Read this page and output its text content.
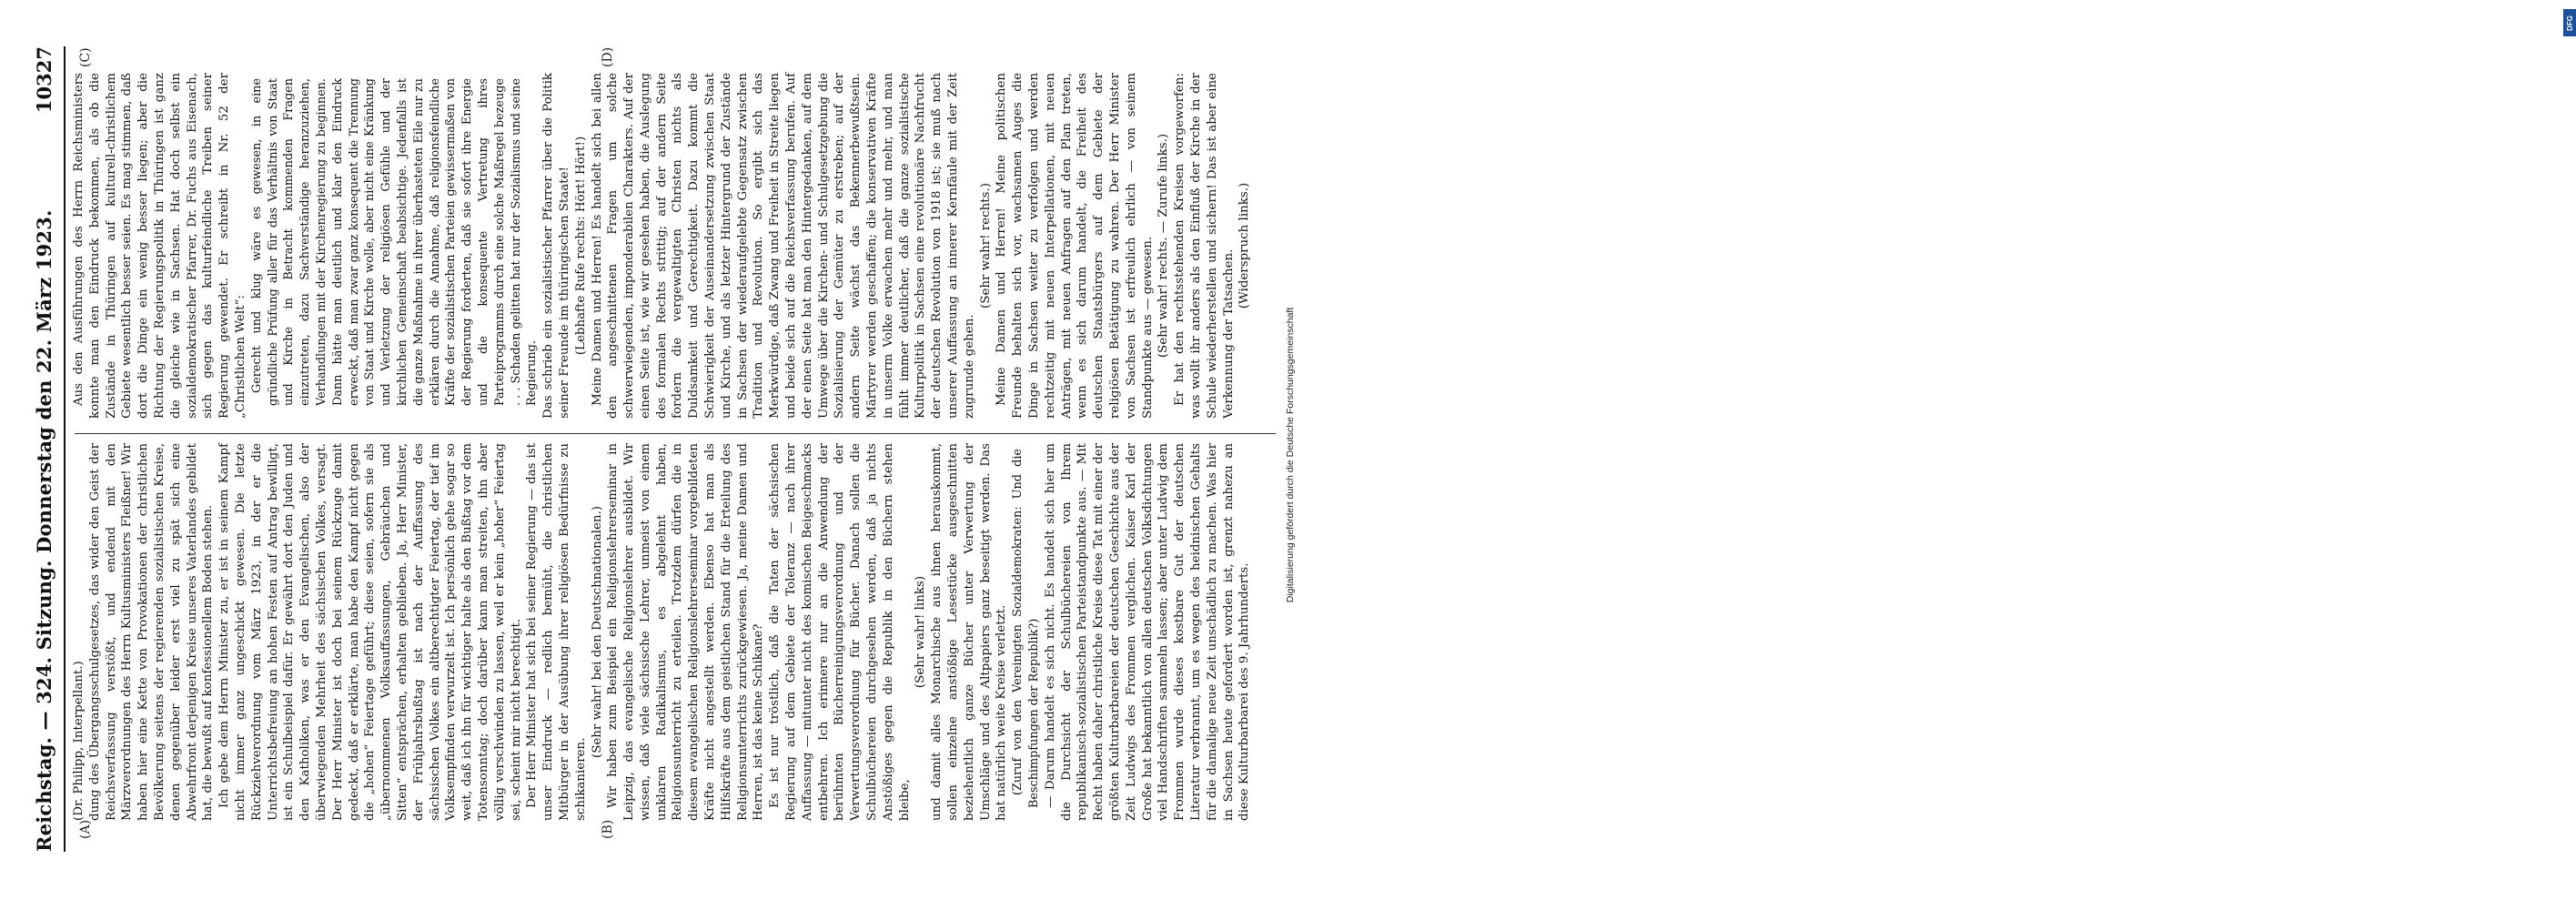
Reichstag. — 324. Sitzung. Donnerstag den 22. März 1923.
10327
(A)	(B)
(C)	(D)

(Dr. Philipp, Interpellant.) dung des Übergangsschulgesetzes, das wider den Geist der Reichsverfassung verstößt, und endend mit den Märzverordnungen des Herrn Kultusministers Fleißner! Wir haben hier eine Kette von Provokationen der christlichen Bevölkerung seitens der regierenden sozialistischen Kreise, denen gegenüber leider erst viel zu spät sich eine Abwehrfront derjenigen Kreise unseres Vaterlandes gebildet hat, die bewußt auf konfessionellem Boden stehen. Ich gebe dem Herrn Minister zu, er ist in seinem Kampf nicht immer ganz ungeschickt gewesen. Die letzte Rückziehverordnung vom März 1923, in der er die Unterrichtsbefreiung an hohen Festen auf Antrag bewilligt, ist ein Schulbeispiel dafür. Er gewährt dort den Juden und den Katholiken, was er den Evangelischen, also der überwiegenden Mehrheit des sächsischen Volkes, versagt. Der Herr Minister ist doch bei seinem Rückzuge damit gedeckt, daß er erklärte, man habe den Kampf nicht gegen die „hohen“ Feiertage geführt; diese seien, sofern sie als „übernommenen Volksauffassungen, Gebräuchen und Sitten“ entsprächen, erhalten geblieben. Ja, Herr Minister, der Frühjahrsbußtag ist nach der Auffassung des sächsischen Volkes ein altberechtigter Feiertag, der tief im Volksempfinden verwurzelt ist. Ich persönlich gehe sogar so weit, daß ich ihn für wichtiger halte als den Bußtag vor dem Totensonntag; doch darüber kann man streiten, ihn aber völlig verschwinden zu lassen, weil er kein „hoher“ Feiertag sei, scheint mir nicht berechtigt. Der Herr Minister hat sich bei seiner Regierung — das ist unser Eindruck — redlich bemüht, die christlichen Mitbürger in der Ausübung ihrer religiösen Bedürfnisse zu schikanieren.

(Sehr wahr! bei den Deutschnationalen.) Wir haben zum Beispiel ein Religionslehrerseminar in Leipzig, das evangelische Religionslehrer ausbildet. Wir wissen, daß viele sächsische Lehrer, unmeist von einem unklaren Radikalismus, es abgelehnt haben, Religionsunterricht zu erteilen. Trotzdem dürfen die in diesem evangelischen Religionslehrerseminar vorgebildeten Kräfte nicht angestellt werden. Ebenso hat man als Hilfskräfte aus dem geistlichen Stand für die Erteilung des Religionsunterrichts zurückgewiesen. Ja, meine Damen und Herren, ist das keine Schikane? Es ist nur tröstlich, daß die Taten der sächsischen Regierung auf dem Gebiete der Toleranz — nach ihrer Auffassung — mitunter nicht des komischen Beigeschmacks entbehren. Ich erinnere nur an die Anwendung der berühmten Bücherreinigungsverordnung und der Verwertungsverordnung für Bücher. Danach sollen die Schulbüchereien durchgesehen werden, daß ja nichts Anstößiges gegen die Republik in den Büchern stehen bleibe,

(Sehr wahr! links) und damit alles Monarchische aus ihnen herauskommt, sollen einzelne anstößige Lesestücke ausgeschnitten beziehentlich ganze Bücher unter Verwertung der Umschläge und des Altpapiers ganz beseitigt werden. Das hat natürlich weite Kreise verletzt. (Zuruf von den Vereinigten Sozialdemokraten: Und die Beschimpfungen der Republik?) — Darum handelt es sich nicht. Es handelt sich hier um die Durchsicht der Schulbüchereien von Ihrem republikanisch-sozialistischen Parteistandpunkte aus. — Mit Recht haben daher christliche Kreise diese Tat mit einer der größten Kulturbarbareien der deutschen Geschichte aus der Zeit Ludwigs des Frommen verglichen. Kaiser Karl der Große hat bekanntlich von allen deutschen Volksdichtungen viel Handschriften sammeln lassen; aber unter Ludwig dem Frommen wurde dieses kostbare Gut der deutschen Literatur verbrannt, um es wegen des heidnischen Gehalts für die damalige neue Zeit unschädlich zu machen. Was hier in Sachsen heute gefordert worden ist, grenzt nahezu an diese Kulturbarbarei des 9. Jahrhunderts.

Aus den Ausführungen des Herrn Reichsministers konnte man den Eindruck bekommen, als ob die Zustände in Thüringen auf kulturell-christlichem Gebiete wesentlich besser seien. Es mag stimmen, daß dort die Dinge ein wenig besser liegen; aber die Richtung der Regierungspolitik in Thüringen ist ganz die gleiche wie in Sachsen. Hat doch selbst ein sozialdemokratischer Pfarrer, Dr. Fuchs aus Eisenach, sich gegen das kulturfeindliche Treiben seiner Regierung gewendet. Er schreibt in Nr. 52 der „Christlichen Welt“: Gerecht und klug wäre es gewesen, in eine gründliche Prüfung aller für das Verhältnis von Staat und Kirche in Betracht kommenden Fragen einzutreten, dazu Sachverständige heranzuziehen, Verhandlungen mit der Kirchenregierung zu beginnen. Dann hätte man deutlich und klar den Eindruck erweckt, daß man zwar ganz konsequent die Trennung von Staat und Kirche wolle, aber nicht eine Kränkung und Verletzung der religiösen Gefühle und der kirchlichen Gemeinschaft beabsichtige. Jedenfalls ist die ganze Maßnahme in ihrer überhasteten Eile nur zu erklären durch die Annahme, daß religionsfeindliche Kräfte der sozialistischen Parteien gewissermaßen von der Regierung forderten, daß sie sofort ihre Energie und die konsequente Vertretung ihres Parteiprogramms durch eine solche Maßregel bezeuge . . . Schaden gelitten hat nur der Sozialismus und seine Regierung. Das schrieb ein sozialistischer Pfarrer über die Politik seiner Freunde im thüringischen Staate! (Lebhafte Rufe rechts: Hört! Hört!) Meine Damen und Herren! Es handelt sich bei allen den angeschnittenen Fragen um solche schwerwiegenden, imponderabilen Charakters. Auf der einen Seite ist, wie wir gesehen haben, die Auslegung des formalen Rechts strittig; auf der andern Seite fordern die vergewaltigten Christen nichts als Duldsamkeit und Gerechtigkeit. Dazu kommt die Schwierigkeit der Auseinandersetzung zwischen Staat und Kirche, und als letzter Hintergrund der Zustände in Sachsen der wiederaufgelebte Gegensatz zwischen Tradition und Revolution. So ergibt sich das Merkwürdige, daß Zwang und Freiheit in Streite liegen und beide sich auf die Reichsverfassung berufen. Auf der einen Seite hat man den Hintergedanken, auf dem Umwege über die Kirchen- und Schulgesetzgebung die Sozialisierung der Gemüter zu erstreben; auf der andern Seite wächst das Bekennerbewußtsein. Märtyrer werden geschaffen; die konservativen Kräfte in unserm Volke erwachen mehr und mehr, und man fühlt immer deutlicher, daß die ganze sozialistische Kulturpolitik in Sachsen eine revolutionäre Nachfrucht der deutschen Revolution von 1918 ist; sie muß nach unserer Auffassung an innerer Kernfäule mit der Zeit zugrunde gehen.

(Sehr wahr! rechts.) Meine Damen und Herren! Meine politischen Freunde behalten sich vor, wachsamen Auges die Dinge in Sachsen weiter zu verfolgen und werden rechtzeitig mit neuen Interpellationen, mit neuen Anträgen, mit neuen Anfragen auf den Plan treten, wenn es sich darum handelt, die Freiheit des deutschen Staatsbürgers auf dem Gebiete der religiösen Betätigung zu wahren. Der Herr Minister von Sachsen ist erfreulich ehrlich — von seinem Standpunkte aus — gewesen. (Sehr wahr! rechts. — Zurufe links.) Er hat den rechtsstehenden Kreisen vorgeworfen: was wollt ihr anders als den Einfluß der Kirche in der Schule wiederherstellen und sichern! Das ist aber eine Verkennung der Tatsachen.

(Widerspruch links.)

DFG
Digitalisierung gefördert durch die Deutsche Forschungsgemeinschaft
